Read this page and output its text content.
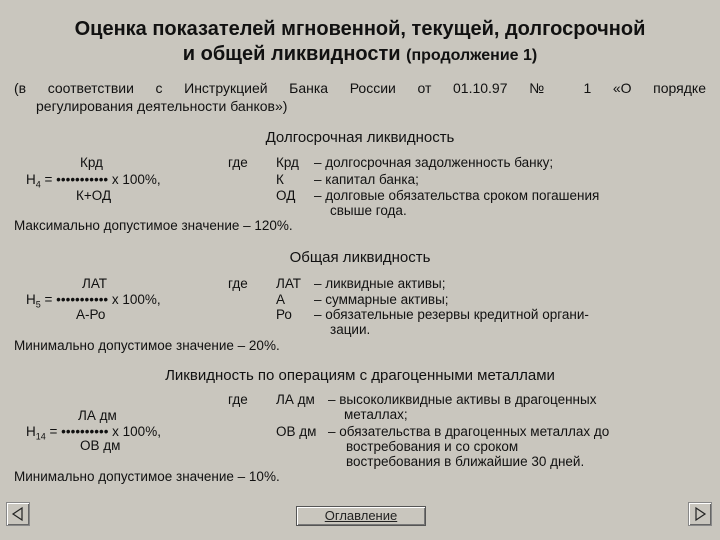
Оценка показателей мгновенной, текущей, долгосрочной
и общей ликвидности (продолжение 1)
(в соответствии с Инструкцией Банка России от 01.10.97 № 1 «О порядке
регулирования деятельности банков»)
Долгосрочная ликвидность
Крд
$Н_4$ = ••••••••••• х 100%,
К+ОД
где Крд – долгосрочная задолженность банку;
К – капитал банка;
ОД – долговые обязательства сроком погашения
свыше года.
Максимально допустимое значение – 120%.
Общая ликвидность
ЛАТ
$Н_5$ = ••••••••••• х 100%,
А-Ро
где ЛАТ – ликвидные активы;
А – суммарные активы;
Ро – обязательные резервы кредитной органи-
зации.
Минимально допустимое значение – 20%.
Ликвидность по операциям с драгоценными металлами
где ЛА дм – высоколиквидные активы в драгоценных
металлах;
ЛА дм
$Н_{14}$ = •••••••••• х 100%,
ОВ дм
ОВ дм – обязательства в драгоценных металлах до
востребования и со сроком
востребования в ближайшие 30 дней.
Минимально допустимое значение – 10%.
Оглавление
